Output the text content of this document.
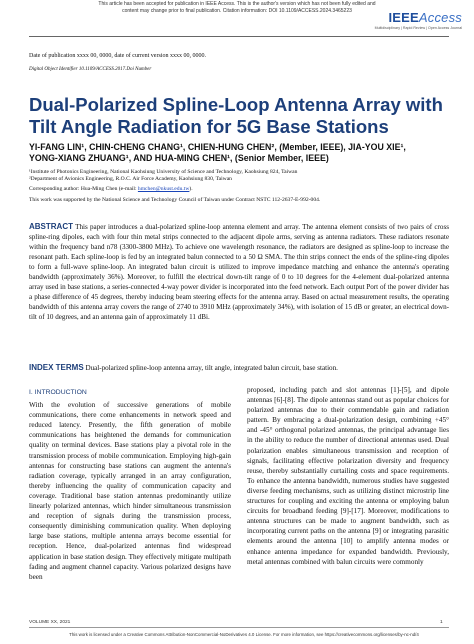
This article has been accepted for publication in IEEE Access. This is the author's version which has not been fully edited and
content may change prior to final publication. Citation information: DOI 10.1109/ACCESS.2024.3465223	IEEEAccess
Multidisciplinary | Rapid Review | Open Access Journal
Date of publication xxxx 00, 0000, date of current version xxxx 00, 0000.
Digital Object Identifier 10.1109/ACCESS.2017.Doi Number
Dual-Polarized Spline-Loop Antenna Array with Tilt Angle Radiation for 5G Base Stations
YI-FANG LIN¹, CHIN-CHENG CHANG¹, CHIEN-HUNG CHEN², (Member, IEEE), JIA-YOU XIE¹,
YONG-XIANG ZHUANG¹, AND HUA-MING CHEN¹, (Senior Member, IEEE)
¹Institute of Photonics Engineering, National Kaohsiung University of Science and Technology, Kaohsiung 824, Taiwan
²Department of Avionics Engineering, R.O.C. Air Force Academy, Kaohsiung 830, Taiwan
Corresponding author: Hua-Ming Chen (e-mail: hmchen@nkust.edu.tw).
This work was supported by the National Science and Technology Council of Taiwan under Contract NSTC 112-2637-E-992-004.
ABSTRACT This paper introduces a dual-polarized spline-loop antenna element and array. The antenna element consists of two pairs of cross spline-ring dipoles, each with four thin metal strips connected to the adjacent dipole arms, serving as antenna radiators. These radiators resonate within the frequency band n78 (3300-3800 MHz). To achieve one wavelength resonance, the radiators are designed as spline-loop to increase the resonant path. Each spline-loop is fed by an integrated balun connected to a 50 Ω SMA. The thin strips connect the ends of the spline-ring dipoles to form a full-wave spline-loop. An integrated balun circuit is utilized to improve impedance matching and enhance the antenna's operating bandwidth (approximately 36%). Moreover, to fulfill the electrical down-tilt range of 0 to 10 degrees for the 4-element dual-polarized antenna array used in base stations, a series-connected 4-way power divider is incorporated into the feed network. Each output Port of the power divider has a phase difference of 45 degrees, thereby inducing beam steering effects for the antenna array. Based on actual measurement results, the operating bandwidth of this antenna array covers the range of 2740 to 3910 MHz (approximately 34%), with isolation of 15 dB or greater, an electrical down-tilt of 10 degrees, and an antenna gain of approximately 11 dBi.
INDEX TERMS Dual-polarized spline-loop antenna array, tilt angle, integrated balun circuit, base station.
I. INTRODUCTION

With the evolution of successive generations of mobile communications, there come enhancements in network speed and reduced latency. Presently, the fifth generation of mobile communications has heightened the demands for communication quality on terminal devices. Base stations play a pivotal role in the transmission process of mobile communication. Employing high-gain antennas for constructing base stations can augment the antenna's radiation coverage, typically arranged in an array configuration, thereby influencing the quality of communication capacity and coverage. Traditional base station antennas predominantly utilize linearly polarized antennas, which hinder simultaneous transmission and reception of signals during the transmission process, consequently diminishing communication quality. When deploying large base stations, multiple antenna arrays become essential for reception. Hence, dual-polarized antennas find widespread application in base station design. They effectively mitigate multipath fading and augment channel capacity. Various polarized designs have been

proposed, including patch and slot antennas [1]-[5], and dipole antennas [6]-[8]. The dipole antennas stand out as popular choices for polarized antennas due to their commendable gain and radiation pattern. By embracing a dual-polarization design, combining +45° and -45° orthogonal polarized antennas, the principal advantage lies in the ability to reduce the number of directional antennas used. Dual polarization enables simultaneous transmission and reception of signals, facilitating effective polarization diversity and frequency reuse, thereby substantially curtailing costs and space requirements. To enhance the antenna bandwidth, numerous studies have suggested diverse feeding mechanisms, such as utilizing distinct microstrip line structures for coupling and exciting the antenna or employing balun circuits for broadband feeding [9]-[17]. Moreover, modifications to antenna structures can be made to augment bandwidth, such as incorporating current paths on the antenna [9] or integrating parasitic elements around the antenna [10] to amplify antenna modes or enhance antenna impedance for expanded bandwidth. Previously, metal antennas combined with balun circuits were commonly

VOLUME XX, 2021	1
This work is licensed under a Creative Commons Attribution-NonCommercial-NoDerivatives 4.0 License. For more information, see https://creativecommons.org/licenses/by-nc-nd/4
